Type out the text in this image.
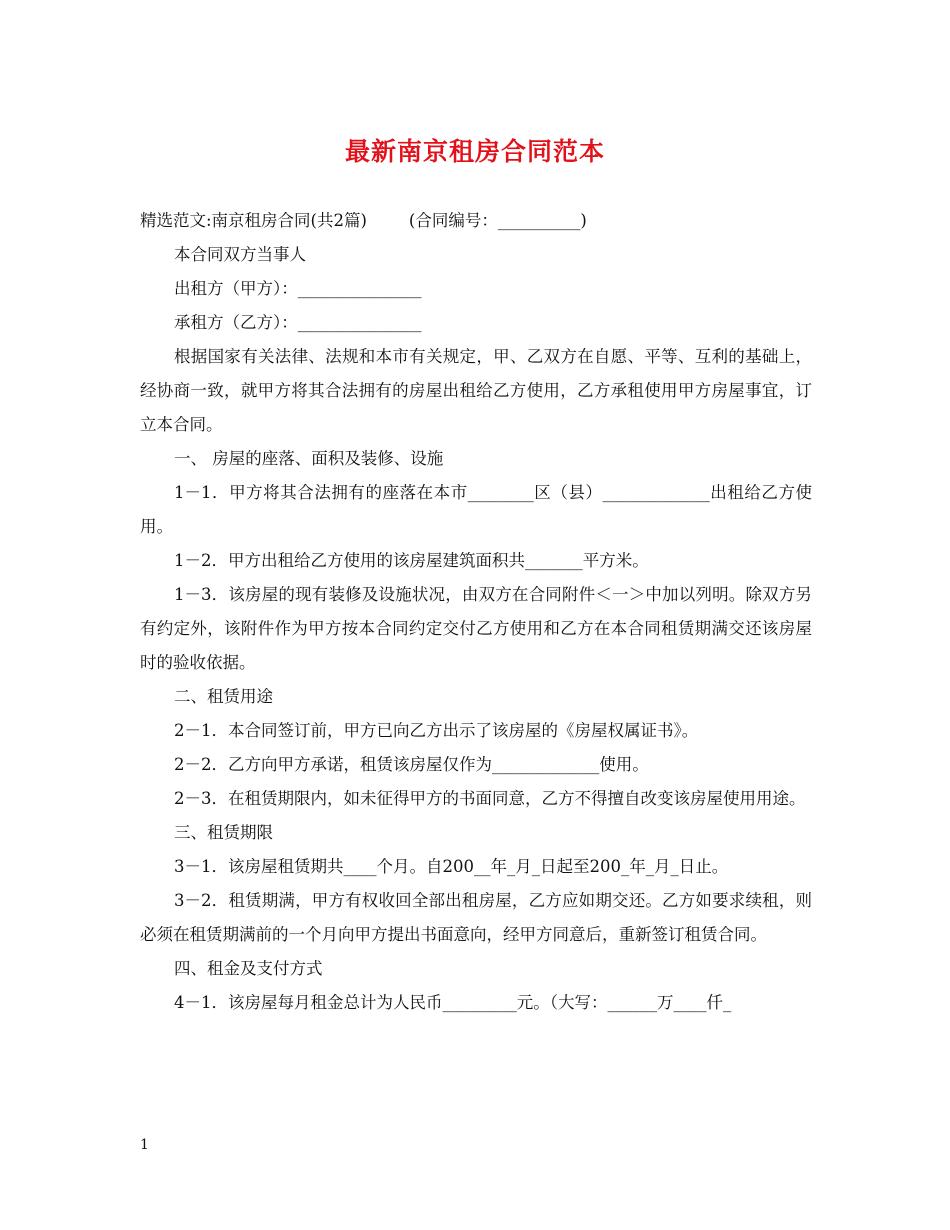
最新南京租房合同范本

精选范文:南京租房合同(共2篇)        (合同编号：__________)

本合同双方当事人

出租方（甲方）：_______________

承租方（乙方）：_______________

根据国家有关法律、法规和本市有关规定，甲、乙双方在自愿、平等、互利的基础上，经协商一致，就甲方将其合法拥有的房屋出租给乙方使用，乙方承租使用甲方房屋事宜，订立本合同。

一、 房屋的座落、面积及装修、设施

1－1．甲方将其合法拥有的座落在本市________区（县）_____________出租给乙方使用。

1－2．甲方出租给乙方使用的该房屋建筑面积共_______平方米。

1－3．该房屋的现有装修及设施状况，由双方在合同附件＜一＞中加以列明。除双方另有约定外，该附件作为甲方按本合同约定交付乙方使用和乙方在本合同租赁期满交还该房屋时的验收依据。

二、租赁用途

2－1．本合同签订前，甲方已向乙方出示了该房屋的《房屋权属证书》。

2－2．乙方向甲方承诺，租赁该房屋仅作为_____________使用。

2－3．在租赁期限内，如未征得甲方的书面同意，乙方不得擅自改变该房屋使用用途。

三、租赁期限

3－1．该房屋租赁期共____个月。自200__年_月_日起至200_年_月_日止。

3－2．租赁期满，甲方有权收回全部出租房屋，乙方应如期交还。乙方如要求续租，则必须在租赁期满前的一个月向甲方提出书面意向，经甲方同意后，重新签订租赁合同。

四、租金及支付方式

4－1．该房屋每月租金总计为人民币_________元。（大写：______万____仟_

1
